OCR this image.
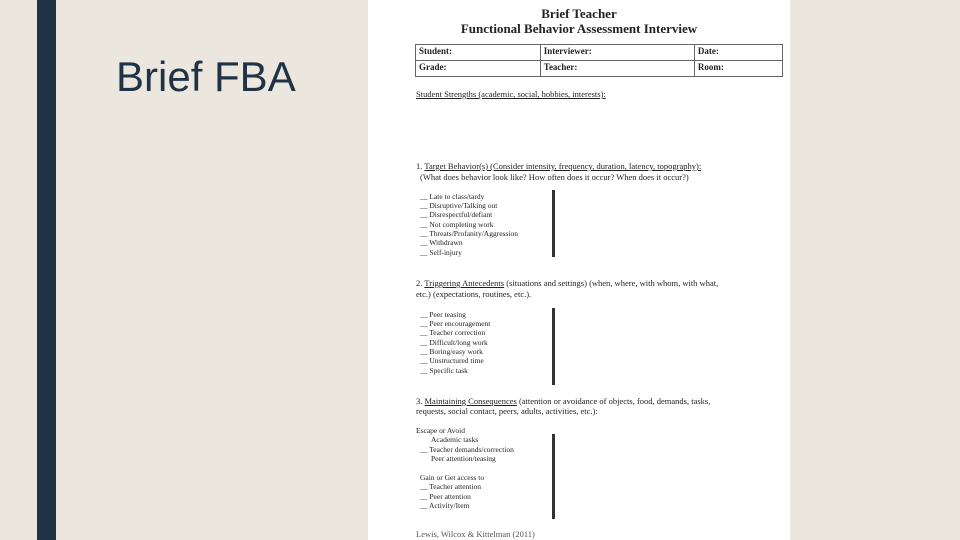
Brief FBA
Brief Teacher
Functional Behavior Assessment Interview
Student:	Interviewer:	Date:
Grade:	Teacher:	Room:
Student Strengths (academic, social, hobbies, interests):
1. Target Behavior(s) (Consider intensity, frequency, duration, latency, topography):
(What does behavior look like? How often does it occur? When does it occur?)
__ Late to class/tardy
__ Disruptive/Talking out
__ Disrespectful/defiant
__ Not completing work
__ Threats/Profanity/Aggression
__ Withdrawn
__ Self-injury
2. Triggering Antecedents (situations and settings) (when, where, with whom, with what,
etc.) (expectations, routines, etc.).
__ Peer teasing
__ Peer encouragement
__ Teacher correction
__ Difficult/long work
__ Boring/easy work
__ Unstructured time
__ Specific task
3. Maintaining Consequences (attention or avoidance of objects, food, demands, tasks,
requests, social contact, peers, adults, activities, etc.):
Escape or Avoid
Academic tasks
__ Teacher demands/correction
Peer attention/teasing
Gain or Get access to
__ Teacher attention
__ Peer attention
__ Activity/Item
Lewis, Wilcox & Kittelman (2011)
